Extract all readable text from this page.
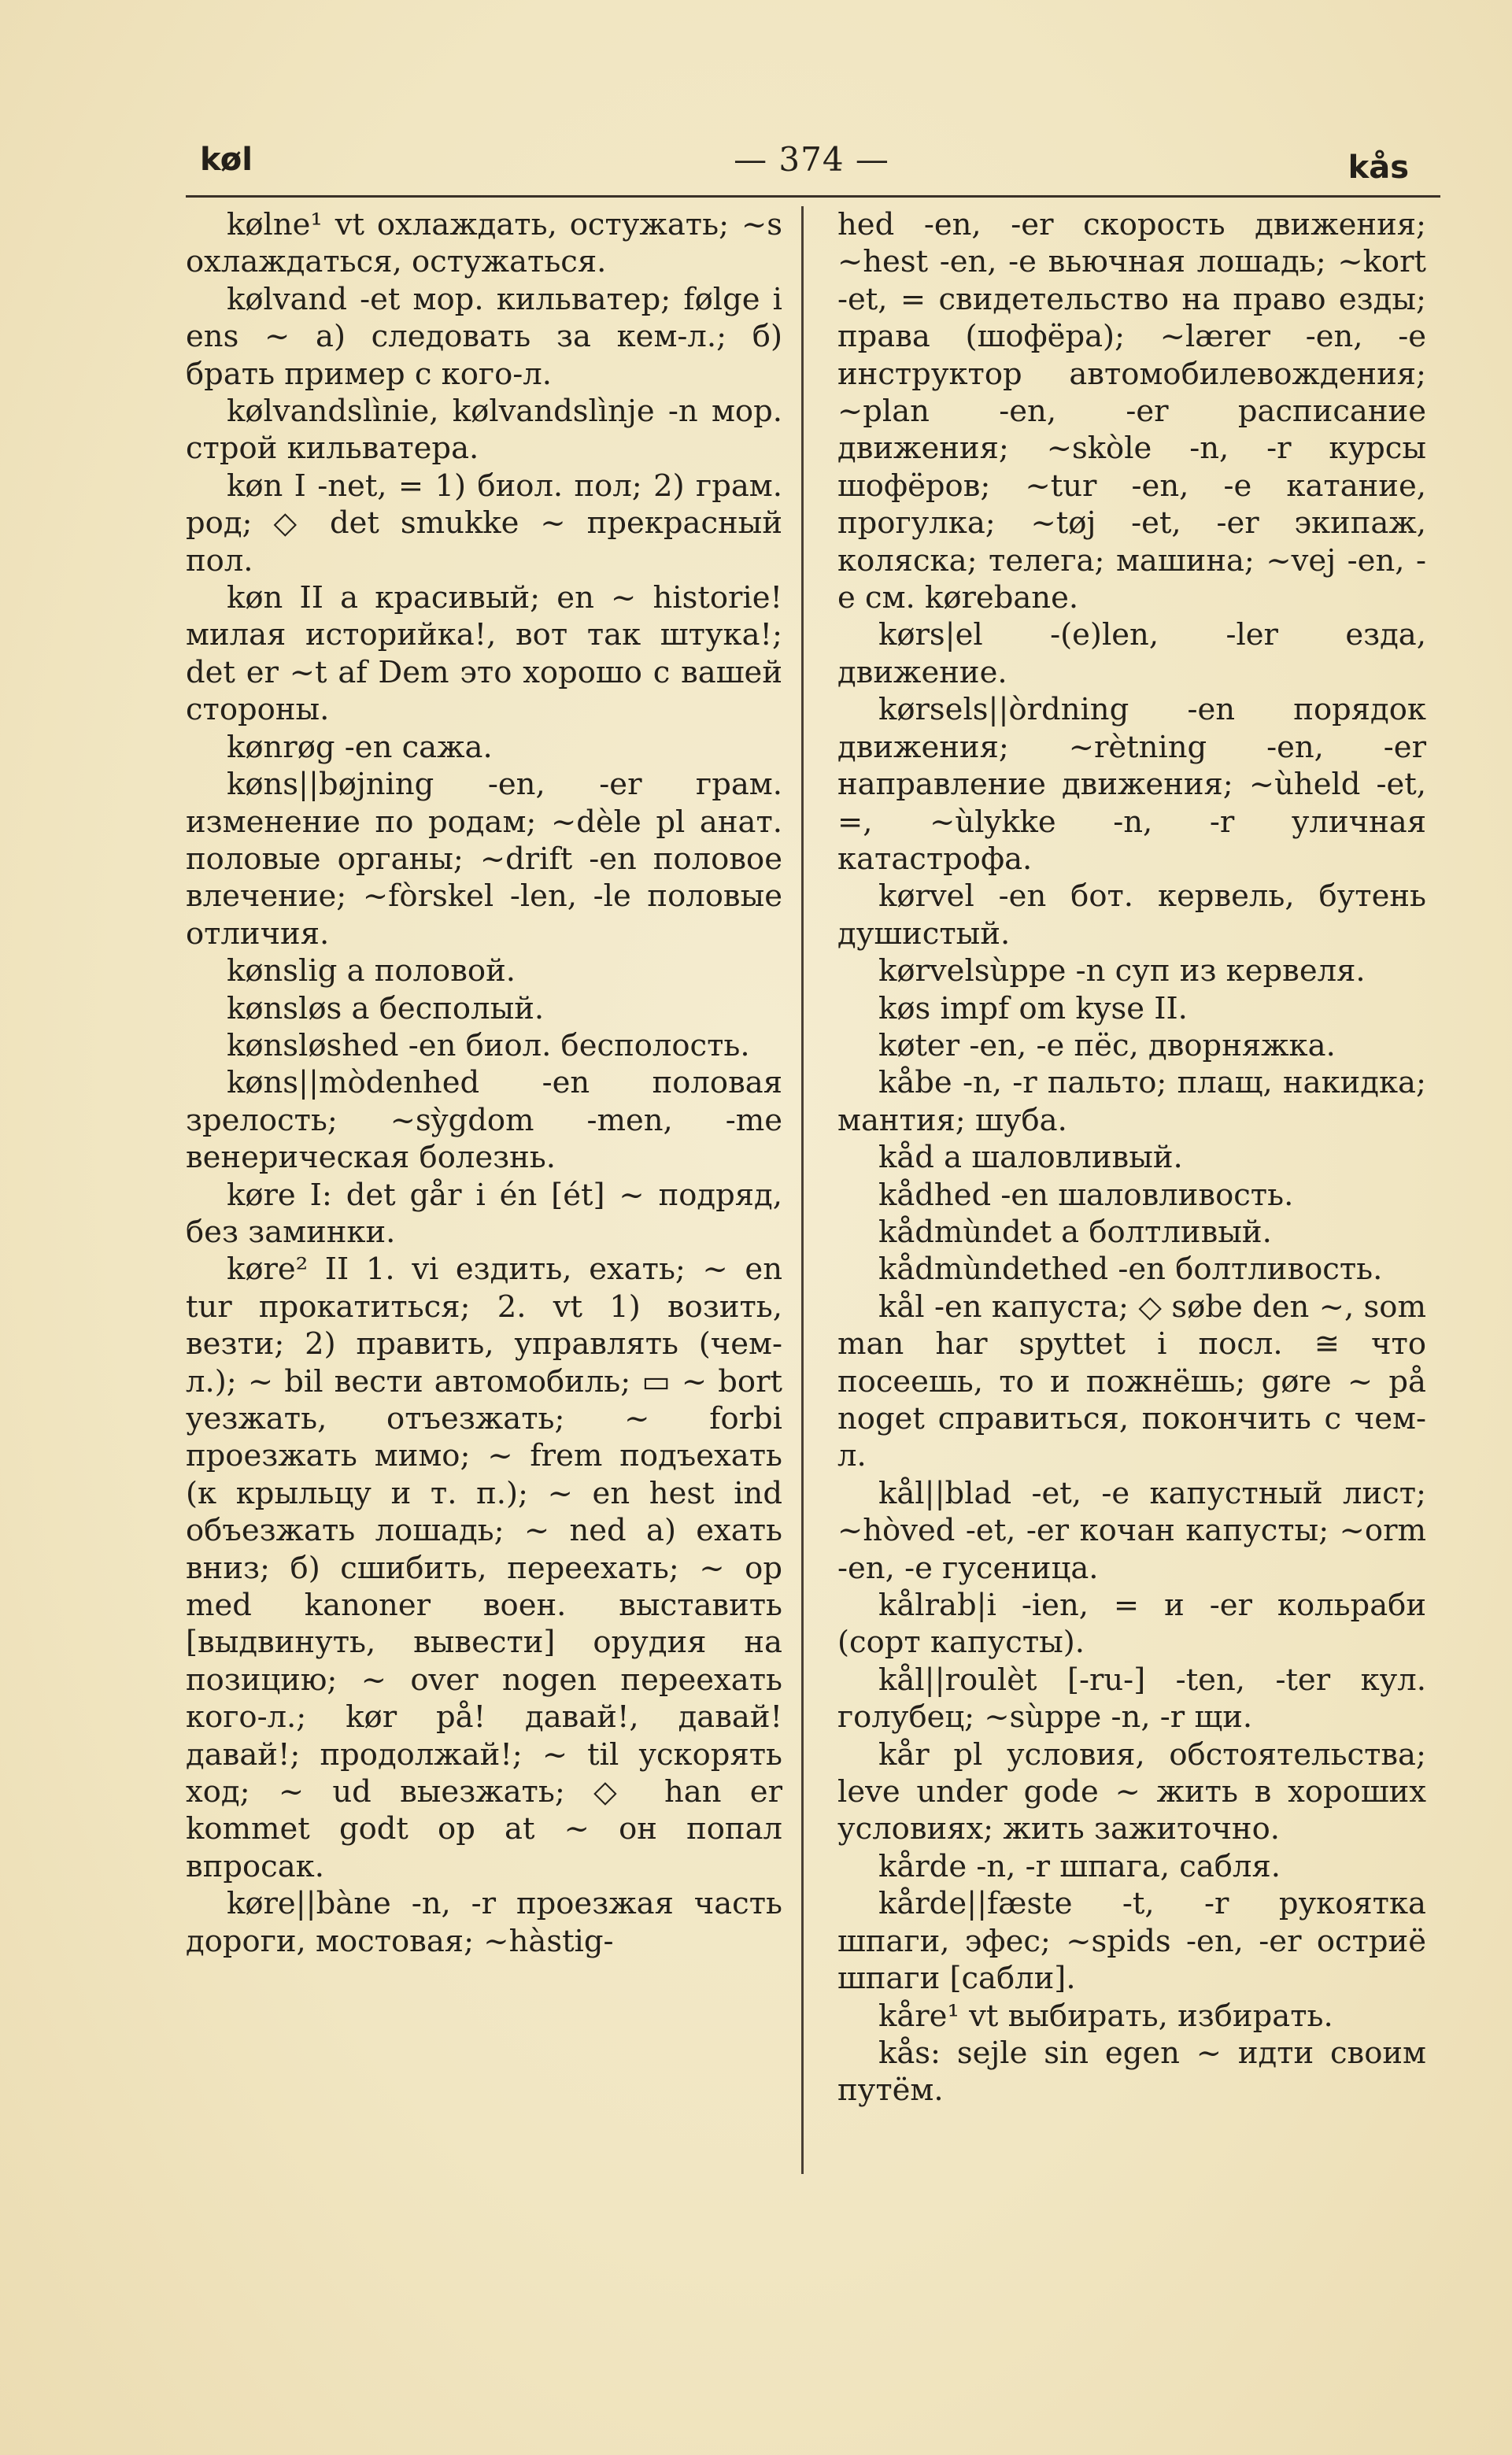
køl	— 374 —	kås

kølne¹ vt охлаждать, остужать; ~s охлаждаться, остужаться.

kølvand -et мор. кильватер; følge i ens ~ а) следовать за кем-л.; б) брать пример с кого-л.

kølvandslìnie, kølvandslìnje -n мор. строй кильватера.

køn I -net, = 1) биол. пол; 2) грам. род; ◇ det smukke ~ прекрасный пол.

køn II a красивый; en ~ historie! милая историйка!, вот так штука!; det er ~t af Dem это хорошо с вашей стороны.

kønrøg -en сажа.

køns||bøjning -en, -er грам. изменение по родам; ~dèle pl анат. половые органы; ~drift -en половое влечение; ~fòrskel -len, -le половые отличия.

kønslig a половой.

kønsløs a бесполый.

kønsløshed -en биол. бесполость.

køns||mòdenhed -en половая зрелость; ~sỳgdom -men, -me венерическая болезнь.

køre I: det går i én [ét] ~ подряд, без заминки.

køre² II 1. vi ездить, ехать; ~ en tur прокатиться; 2. vt 1) возить, везти; 2) править, управлять (чем-л.); ~ bil вести автомобиль; ▭ ~ bort уезжать, отъезжать; ~ forbi проезжать мимо; ~ frem подъехать (к крыльцу и т. п.); ~ en hest ind объезжать лошадь; ~ ned а) ехать вниз; б) сшибить, переехать; ~ op med kanoner воен. выставить [выдвинуть, вывести] орудия на позицию; ~ over nogen переехать кого-л.; kør på! давай!, давай! давай!; продолжай!; ~ til ускорять ход; ~ ud выезжать; ◇ han er kommet godt op at ~ он попал впросак.

køre||bàne -n, -r проезжая часть дороги, мостовая; ~hàstig-

hed -en, -er скорость движения; ~hest -en, -e вьючная лошадь; ~kort -et, = свидетельство на право езды; права (шофёра); ~lærer -en, -e инструктор автомобилевождения; ~plan -en, -er расписание движения; ~skòle -n, -r курсы шофёров; ~tur -en, -e катание, прогулка; ~tøj -et, -er экипаж, коляска; телега; машина; ~vej -en, -e см. kørebane.

kørs|el -(e)len, -ler езда, движение.

kørsels||òrdning -en порядок движения; ~rètning -en, -er направление движения; ~ùheld -et, =, ~ùlykke -n, -r уличная катастрофа.

kørvel -en бот. кервель, бутень душистый.

kørvelsùppe -n суп из кервеля.

køs impf om kyse II.

køter -en, -e пёс, дворняжка.

kåbe -n, -r пальто; плащ, накидка; мантия; шуба.

kåd a шаловливый.

kådhed -en шаловливость.

kådmùndet a болтливый.

kådmùndethed -en болтливость.

kål -en капуста; ◇ søbe den ~, som man har spyttet i посл. ≅ что посеешь, то и пожнёшь; gøre ~ på noget справиться, покончить с чем-л.

kål||blad -et, -e капустный лист; ~hòved -et, -er кочан капусты; ~orm -en, -e гусеница.

kålrab|i -ien, = и -er кольраби (сорт капусты).

kål||roulèt [-ru-] -ten, -ter кул. голубец; ~sùppe -n, -r щи.

kår pl условия, обстоятельства; leve under gode ~ жить в хороших условиях; жить зажиточно.

kårde -n, -r шпага, сабля.

kårde||fæste -t, -r рукоятка шпаги, эфес; ~spids -en, -er остриё шпаги [сабли].

kåre¹ vt выбирать, избирать.

kås: sejle sin egen ~ идти своим путём.
